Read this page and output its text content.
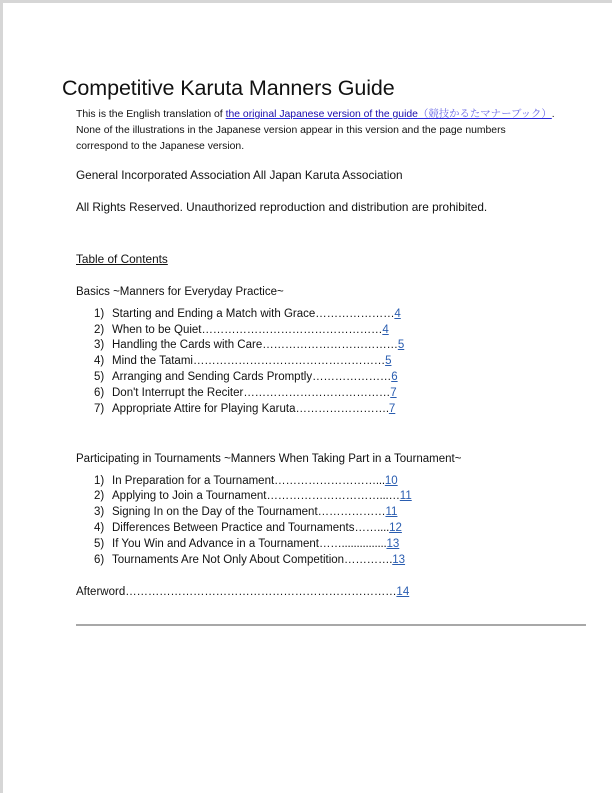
Competitive Karuta Manners Guide
This is the English translation of the original Japanese version of the guide（競技かるたマナーブック）.
None of the illustrations in the Japanese version appear in this version and the page numbers
correspond to the Japanese version.
General Incorporated Association All Japan Karuta Association
All Rights Reserved. Unauthorized reproduction and distribution are prohibited.
Table of Contents
Basics ~Manners for Everyday Practice~
1) Starting and Ending a Match with Grace ………………… 4
2) When to be Quiet ………………………………………… 4
3) Handling the Cards with Care ……………………………… 5
4) Mind the Tatami …………………………………………… 5
5) Arranging and Sending Cards Promptly ………………… 6
6) Don't Interrupt the Reciter ………………………………… 7
7) Appropriate Attire for Playing Karuta ……………………. 7
Participating in Tournaments ~Manners When Taking Part in a Tournament~
1) In Preparation for a Tournament ………………………... 10
2) Applying to Join a Tournament …………………………...… 11
3) Signing In on the Day of the Tournament ……………… 11
4) Differences Between Practice and Tournaments …….... 12
5) If You Win and Advance in a Tournament ……............... 13
6) Tournaments Are Not Only About Competition …………. 13
Afterword………………………………………………………………14
